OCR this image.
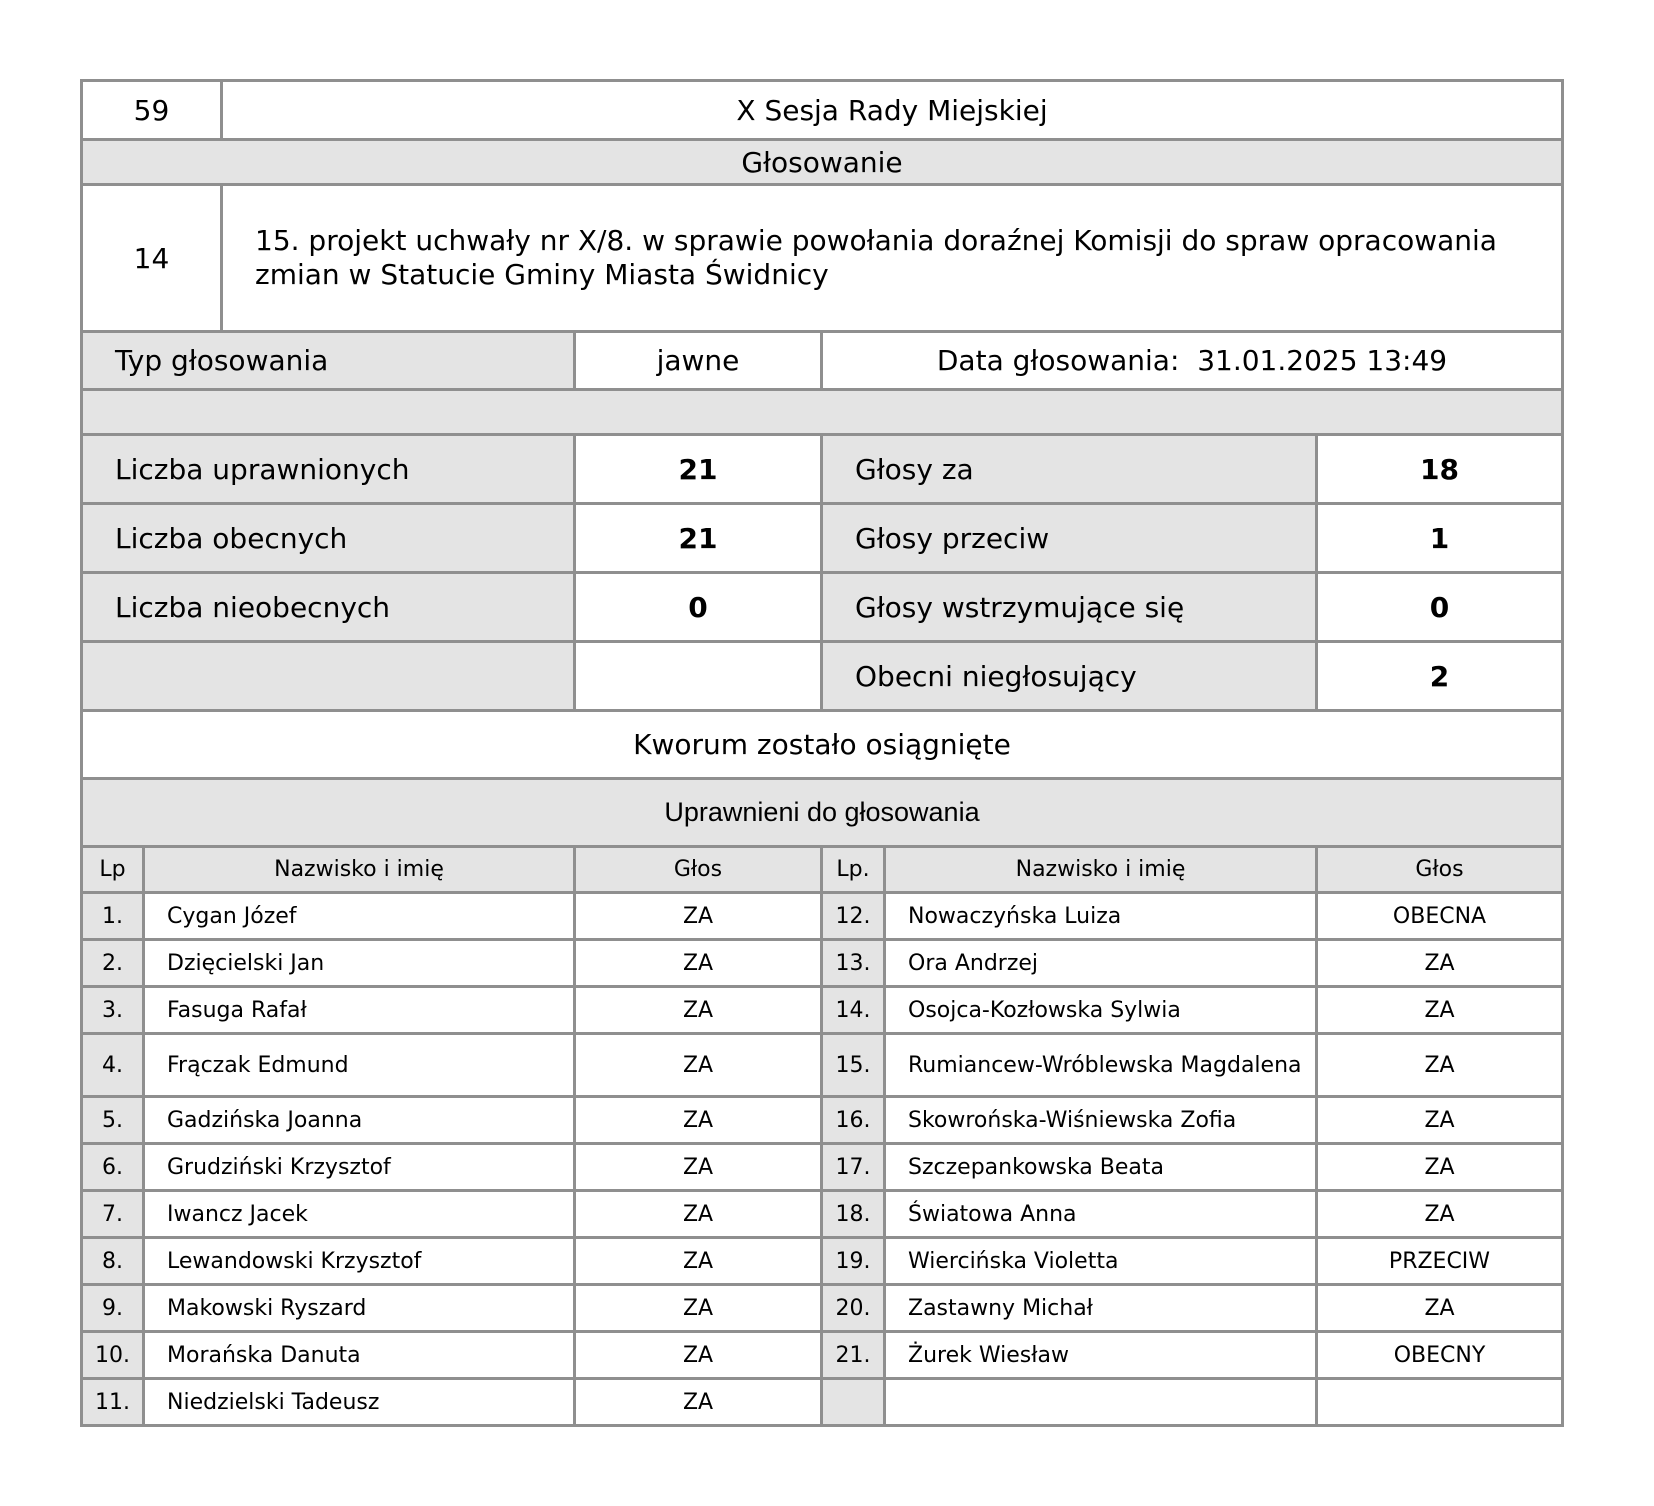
59	X Sesja Rady Miejskiej
Głosowanie
14	15. projekt uchwały nr X/8. w sprawie powołania doraźnej Komisji do spraw opracowania zmian w Statucie Gminy Miasta Świdnicy
Typ głosowania	jawne	Data głosowania: 31.01.2025 13:49
Liczba uprawnionych	21	Głosy za	18
Liczba obecnych	21	Głosy przeciw	1
Liczba nieobecnych	0	Głosy wstrzymujące się	0
		Obecni niegłosujący	2
Kworum zostało osiągnięte
Uprawnieni do głosowania
Lp	Nazwisko i imię	Głos	Lp.	Nazwisko i imię	Głos
1.	Cygan Józef	ZA	12.	Nowaczyńska Luiza	OBECNA
2.	Dzięcielski Jan	ZA	13.	Ora Andrzej	ZA
3.	Fasuga Rafał	ZA	14.	Osojca-Kozłowska Sylwia	ZA
4.	Frączak Edmund	ZA	15.	Rumiancew-Wróblewska Magdalena	ZA
5.	Gadzińska Joanna	ZA	16.	Skowrońska-Wiśniewska Zofia	ZA
6.	Grudziński Krzysztof	ZA	17.	Szczepankowska Beata	ZA
7.	Iwancz Jacek	ZA	18.	Światowa Anna	ZA
8.	Lewandowski Krzysztof	ZA	19.	Wiercińska Violetta	PRZECIW
9.	Makowski Ryszard	ZA	20.	Zastawny Michał	ZA
10.	Morańska Danuta	ZA	21.	Żurek Wiesław	OBECNY
11.	Niedzielski Tadeusz	ZA			
